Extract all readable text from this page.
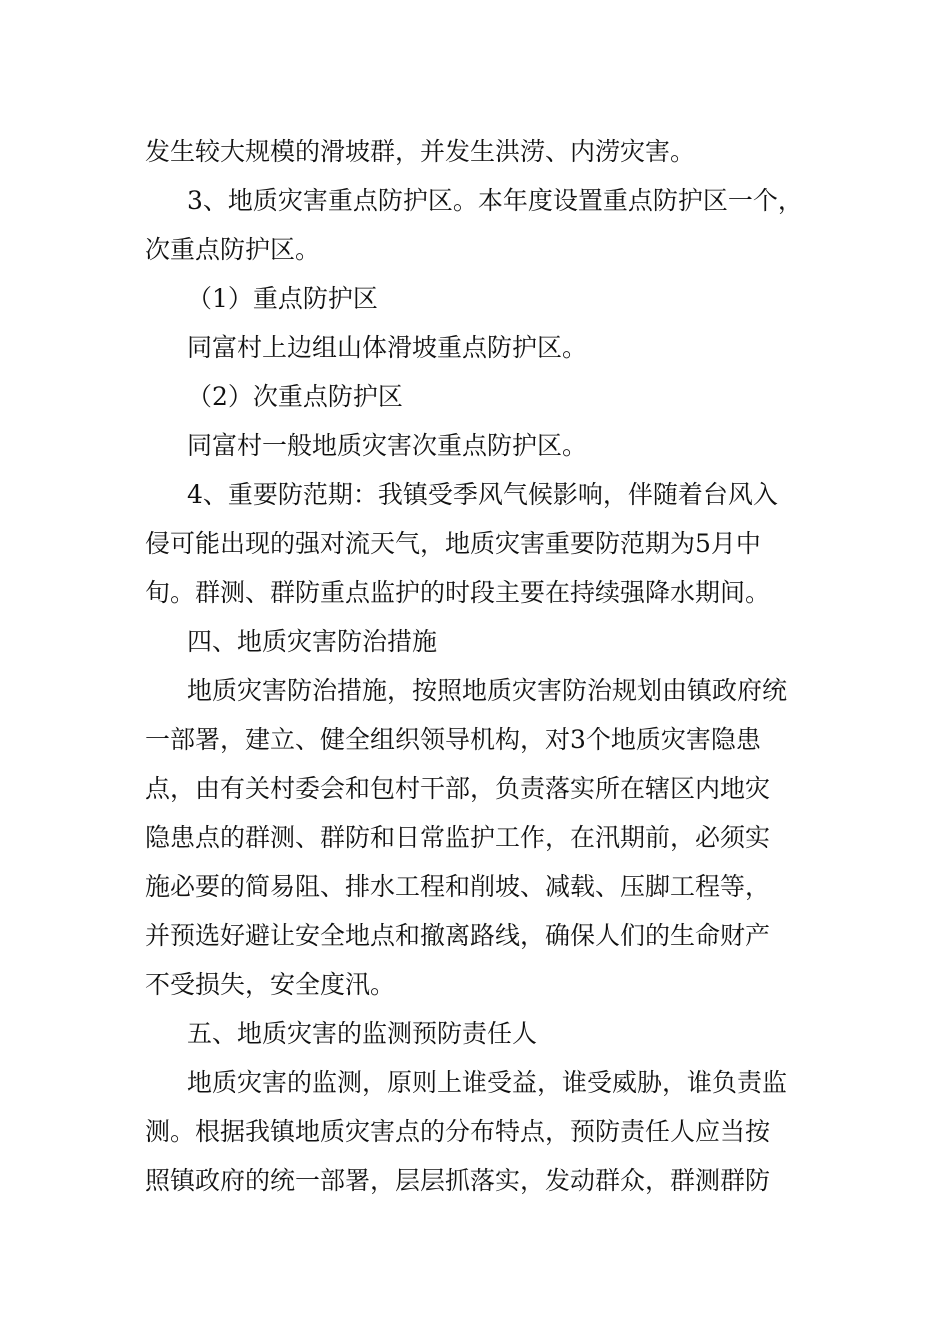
发生较大规模的滑坡群，并发生洪涝、内涝灾害。
3、地质灾害重点防护区。本年度设置重点防护区一个，
次重点防护区。
（1）重点防护区
同富村上边组山体滑坡重点防护区。
（2）次重点防护区
同富村一般地质灾害次重点防护区。
4、重要防范期：我镇受季风气候影响，伴随着台风入
侵可能出现的强对流天气，地质灾害重要防范期为5月中
旬。群测、群防重点监护的时段主要在持续强降水期间。
四、地质灾害防治措施
地质灾害防治措施，按照地质灾害防治规划由镇政府统
一部署，建立、健全组织领导机构，对3个地质灾害隐患
点，由有关村委会和包村干部，负责落实所在辖区内地灾
隐患点的群测、群防和日常监护工作，在汛期前，必须实
施必要的简易阻、排水工程和削坡、减载、压脚工程等，
并预选好避让安全地点和撤离路线，确保人们的生命财产
不受损失，安全度汛。
五、地质灾害的监测预防责任人
地质灾害的监测，原则上谁受益，谁受威胁，谁负责监
测。根据我镇地质灾害点的分布特点，预防责任人应当按
照镇政府的统一部署，层层抓落实，发动群众，群测群防
